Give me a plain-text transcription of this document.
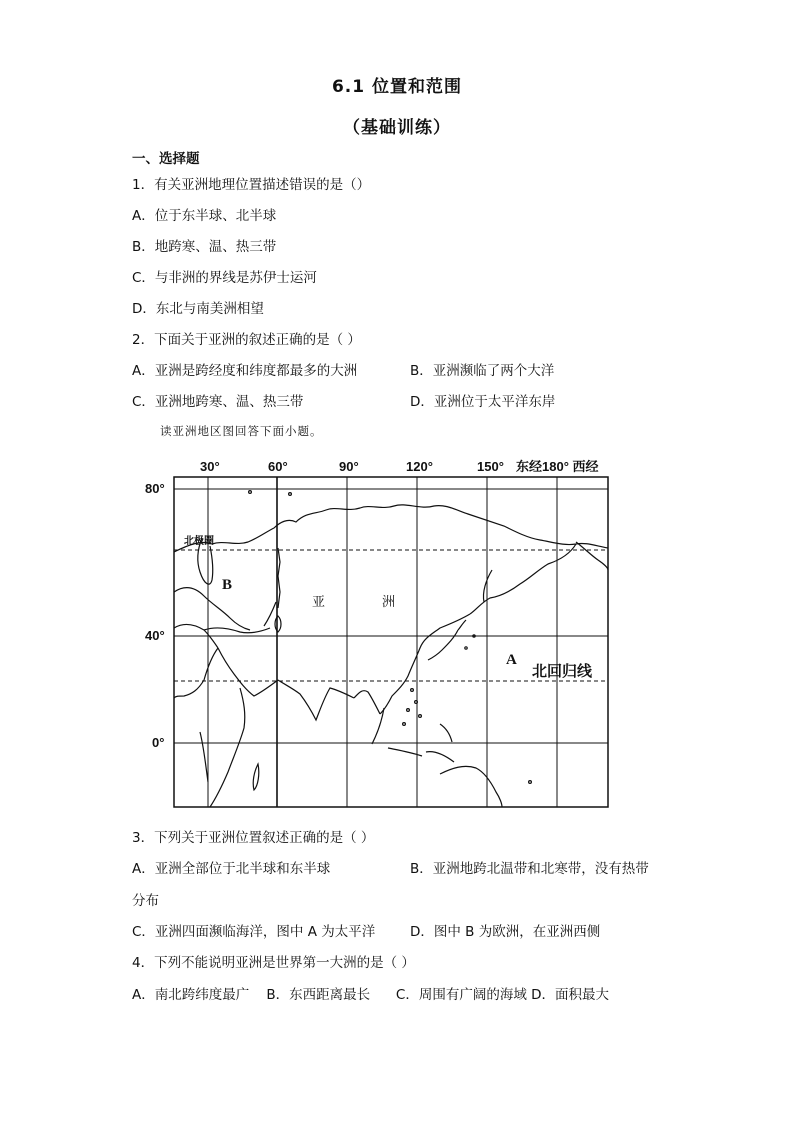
6.1 位置和范围
（基础训练）
一、选择题
1．有关亚洲地理位置描述错误的是（）
A．位于东半球、北半球
B．地跨寒、温、热三带
C．与非洲的界线是苏伊士运河
D．东北与南美洲相望
2．下面关于亚洲的叙述正确的是（ ）
A．亚洲是跨经度和纬度都最多的大洲	B．亚洲濒临了两个大洋
C．亚洲地跨寒、温、热三带	D．亚洲位于太平洋东岸
读亚洲地区图回答下面小题。
30°	60°	90°	120°	150° 东经180° 西经
80°
40°
0°
北极圈
B
亚	洲
A
北回归线
3．下列关于亚洲位置叙述正确的是（ ）
A．亚洲全部位于北半球和东半球	B．亚洲地跨北温带和北寒带，没有热带
分布
C．亚洲四面濒临海洋，图中 A 为太平洋	D．图中 B 为欧洲，在亚洲西侧
4．下列不能说明亚洲是世界第一大洲的是（ ）
A．南北跨纬度最广    B．东西距离最长      C．周围有广阔的海域 D．面积最大
